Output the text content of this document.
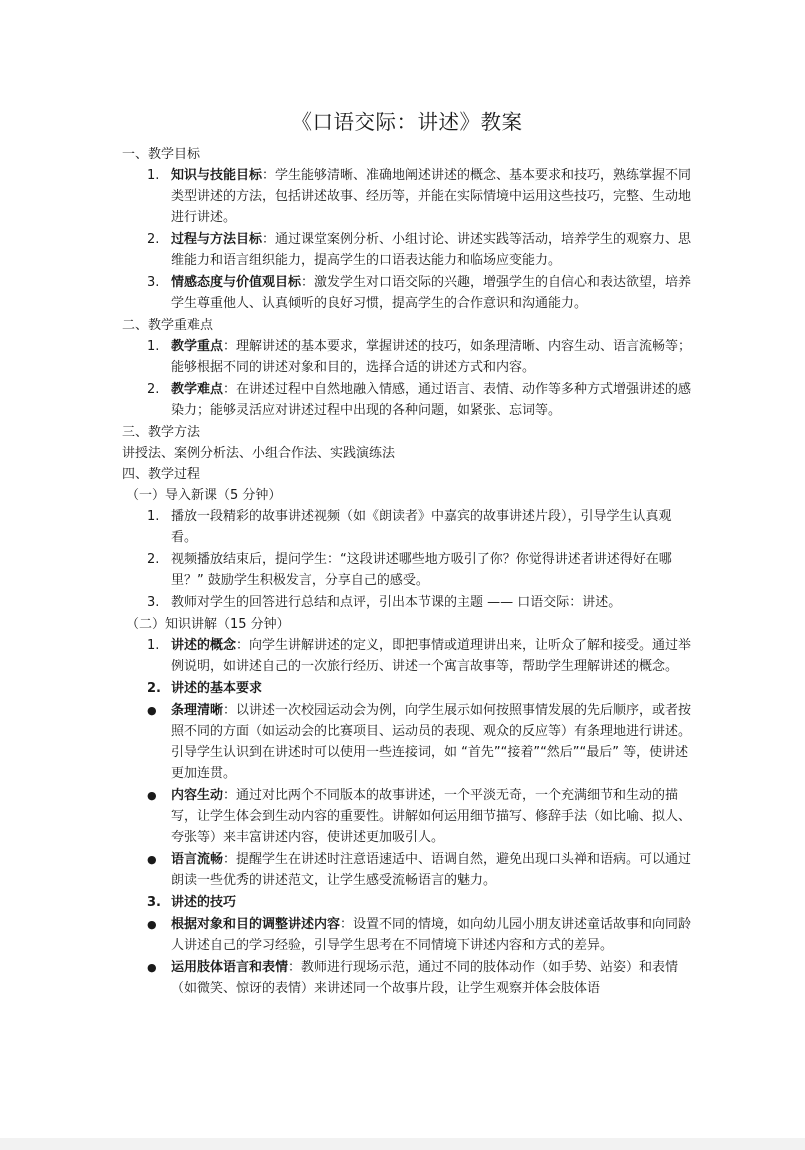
《口语交际：讲述》教案

一、教学目标

1. 知识与技能目标：学生能够清晰、准确地阐述讲述的概念、基本要求和技巧，熟练掌握不同类型讲述的方法，包括讲述故事、经历等，并能在实际情境中运用这些技巧，完整、生动地进行讲述。
2. 过程与方法目标：通过课堂案例分析、小组讨论、讲述实践等活动，培养学生的观察力、思维能力和语言组织能力，提高学生的口语表达能力和临场应变能力。
3. 情感态度与价值观目标：激发学生对口语交际的兴趣，增强学生的自信心和表达欲望，培养学生尊重他人、认真倾听的良好习惯，提高学生的合作意识和沟通能力。

二、教学重难点

1. 教学重点：理解讲述的基本要求，掌握讲述的技巧，如条理清晰、内容生动、语言流畅等；能够根据不同的讲述对象和目的，选择合适的讲述方式和内容。
2. 教学难点：在讲述过程中自然地融入情感，通过语言、表情、动作等多种方式增强讲述的感染力；能够灵活应对讲述过程中出现的各种问题，如紧张、忘词等。

三、教学方法

讲授法、案例分析法、小组合作法、实践演练法

四、教学过程

（一）导入新课（5 分钟）

1. 播放一段精彩的故事讲述视频（如《朗读者》中嘉宾的故事讲述片段），引导学生认真观看。
2. 视频播放结束后，提问学生：“这段讲述哪些地方吸引了你？你觉得讲述者讲述得好在哪里？” 鼓励学生积极发言，分享自己的感受。
3. 教师对学生的回答进行总结和点评，引出本节课的主题 —— 口语交际：讲述。

（二）知识讲解（15 分钟）

1. 讲述的概念：向学生讲解讲述的定义，即把事情或道理讲出来，让听众了解和接受。通过举例说明，如讲述自己的一次旅行经历、讲述一个寓言故事等，帮助学生理解讲述的概念。
2. 讲述的基本要求
● 条理清晰：以讲述一次校园运动会为例，向学生展示如何按照事情发展的先后顺序，或者按照不同的方面（如运动会的比赛项目、运动员的表现、观众的反应等）有条理地进行讲述。引导学生认识到在讲述时可以使用一些连接词，如 “首先”“接着”“然后”“最后” 等，使讲述更加连贯。
● 内容生动：通过对比两个不同版本的故事讲述，一个平淡无奇，一个充满细节和生动的描写，让学生体会到生动内容的重要性。讲解如何运用细节描写、修辞手法（如比喻、拟人、夸张等）来丰富讲述内容，使讲述更加吸引人。
● 语言流畅：提醒学生在讲述时注意语速适中、语调自然，避免出现口头禅和语病。可以通过朗读一些优秀的讲述范文，让学生感受流畅语言的魅力。
3. 讲述的技巧
● 根据对象和目的调整讲述内容：设置不同的情境，如向幼儿园小朋友讲述童话故事和向同龄人讲述自己的学习经验，引导学生思考在不同情境下讲述内容和方式的差异。
● 运用肢体语言和表情：教师进行现场示范，通过不同的肢体动作（如手势、站姿）和表情（如微笑、惊讶的表情）来讲述同一个故事片段，让学生观察并体会肢体语
